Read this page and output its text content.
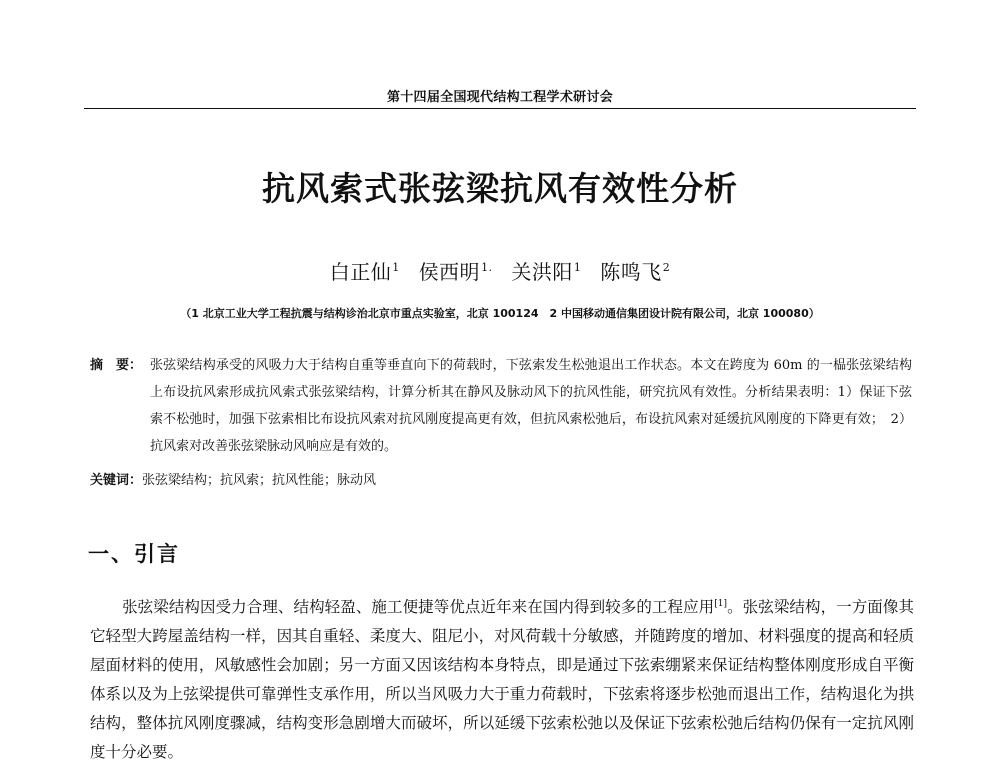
第十四届全国现代结构工程学术研讨会
抗风索式张弦梁抗风有效性分析
白正仙$^1$ 侯西明$^{1.}$ 关洪阳$^1$ 陈鸣飞$^2$
（1 北京工业大学工程抗震与结构诊治北京市重点实验室，北京 100124　2 中国移动通信集团设计院有限公司，北京 100080）
摘　要： 张弦梁结构承受的风吸力大于结构自重等垂直向下的荷载时，下弦索发生松弛退出工作状态。本文在跨度为 60m 的一榀张弦梁结构上布设抗风索形成抗风索式张弦梁结构，计算分析其在静风及脉动风下的抗风性能，研究抗风有效性。分析结果表明：1）保证下弦索不松弛时，加强下弦索相比布设抗风索对抗风刚度提高更有效，但抗风索松弛后，布设抗风索对延缓抗风刚度的下降更有效；　2）抗风索对改善张弦梁脉动风响应是有效的。
关键词：张弦梁结构；抗风索；抗风性能；脉动风
一、引言
张弦梁结构因受力合理、结构轻盈、施工便捷等优点近年来在国内得到较多的工程应用[1]。张弦梁结构，一方面像其它轻型大跨屋盖结构一样，因其自重轻、柔度大、阻尼小，对风荷载十分敏感，并随跨度的增加、材料强度的提高和轻质屋面材料的使用，风敏感性会加剧；另一方面又因该结构本身特点，即是通过下弦索绷紧来保证结构整体刚度形成自平衡体系以及为上弦梁提供可靠弹性支承作用，所以当风吸力大于重力荷载时，下弦索将逐步松弛而退出工作，结构退化为拱结构，整体抗风刚度骤减，结构变形急剧增大而破坏，所以延缓下弦索松弛以及保证下弦索松弛后结构仍保有一定抗风刚度十分必要。
